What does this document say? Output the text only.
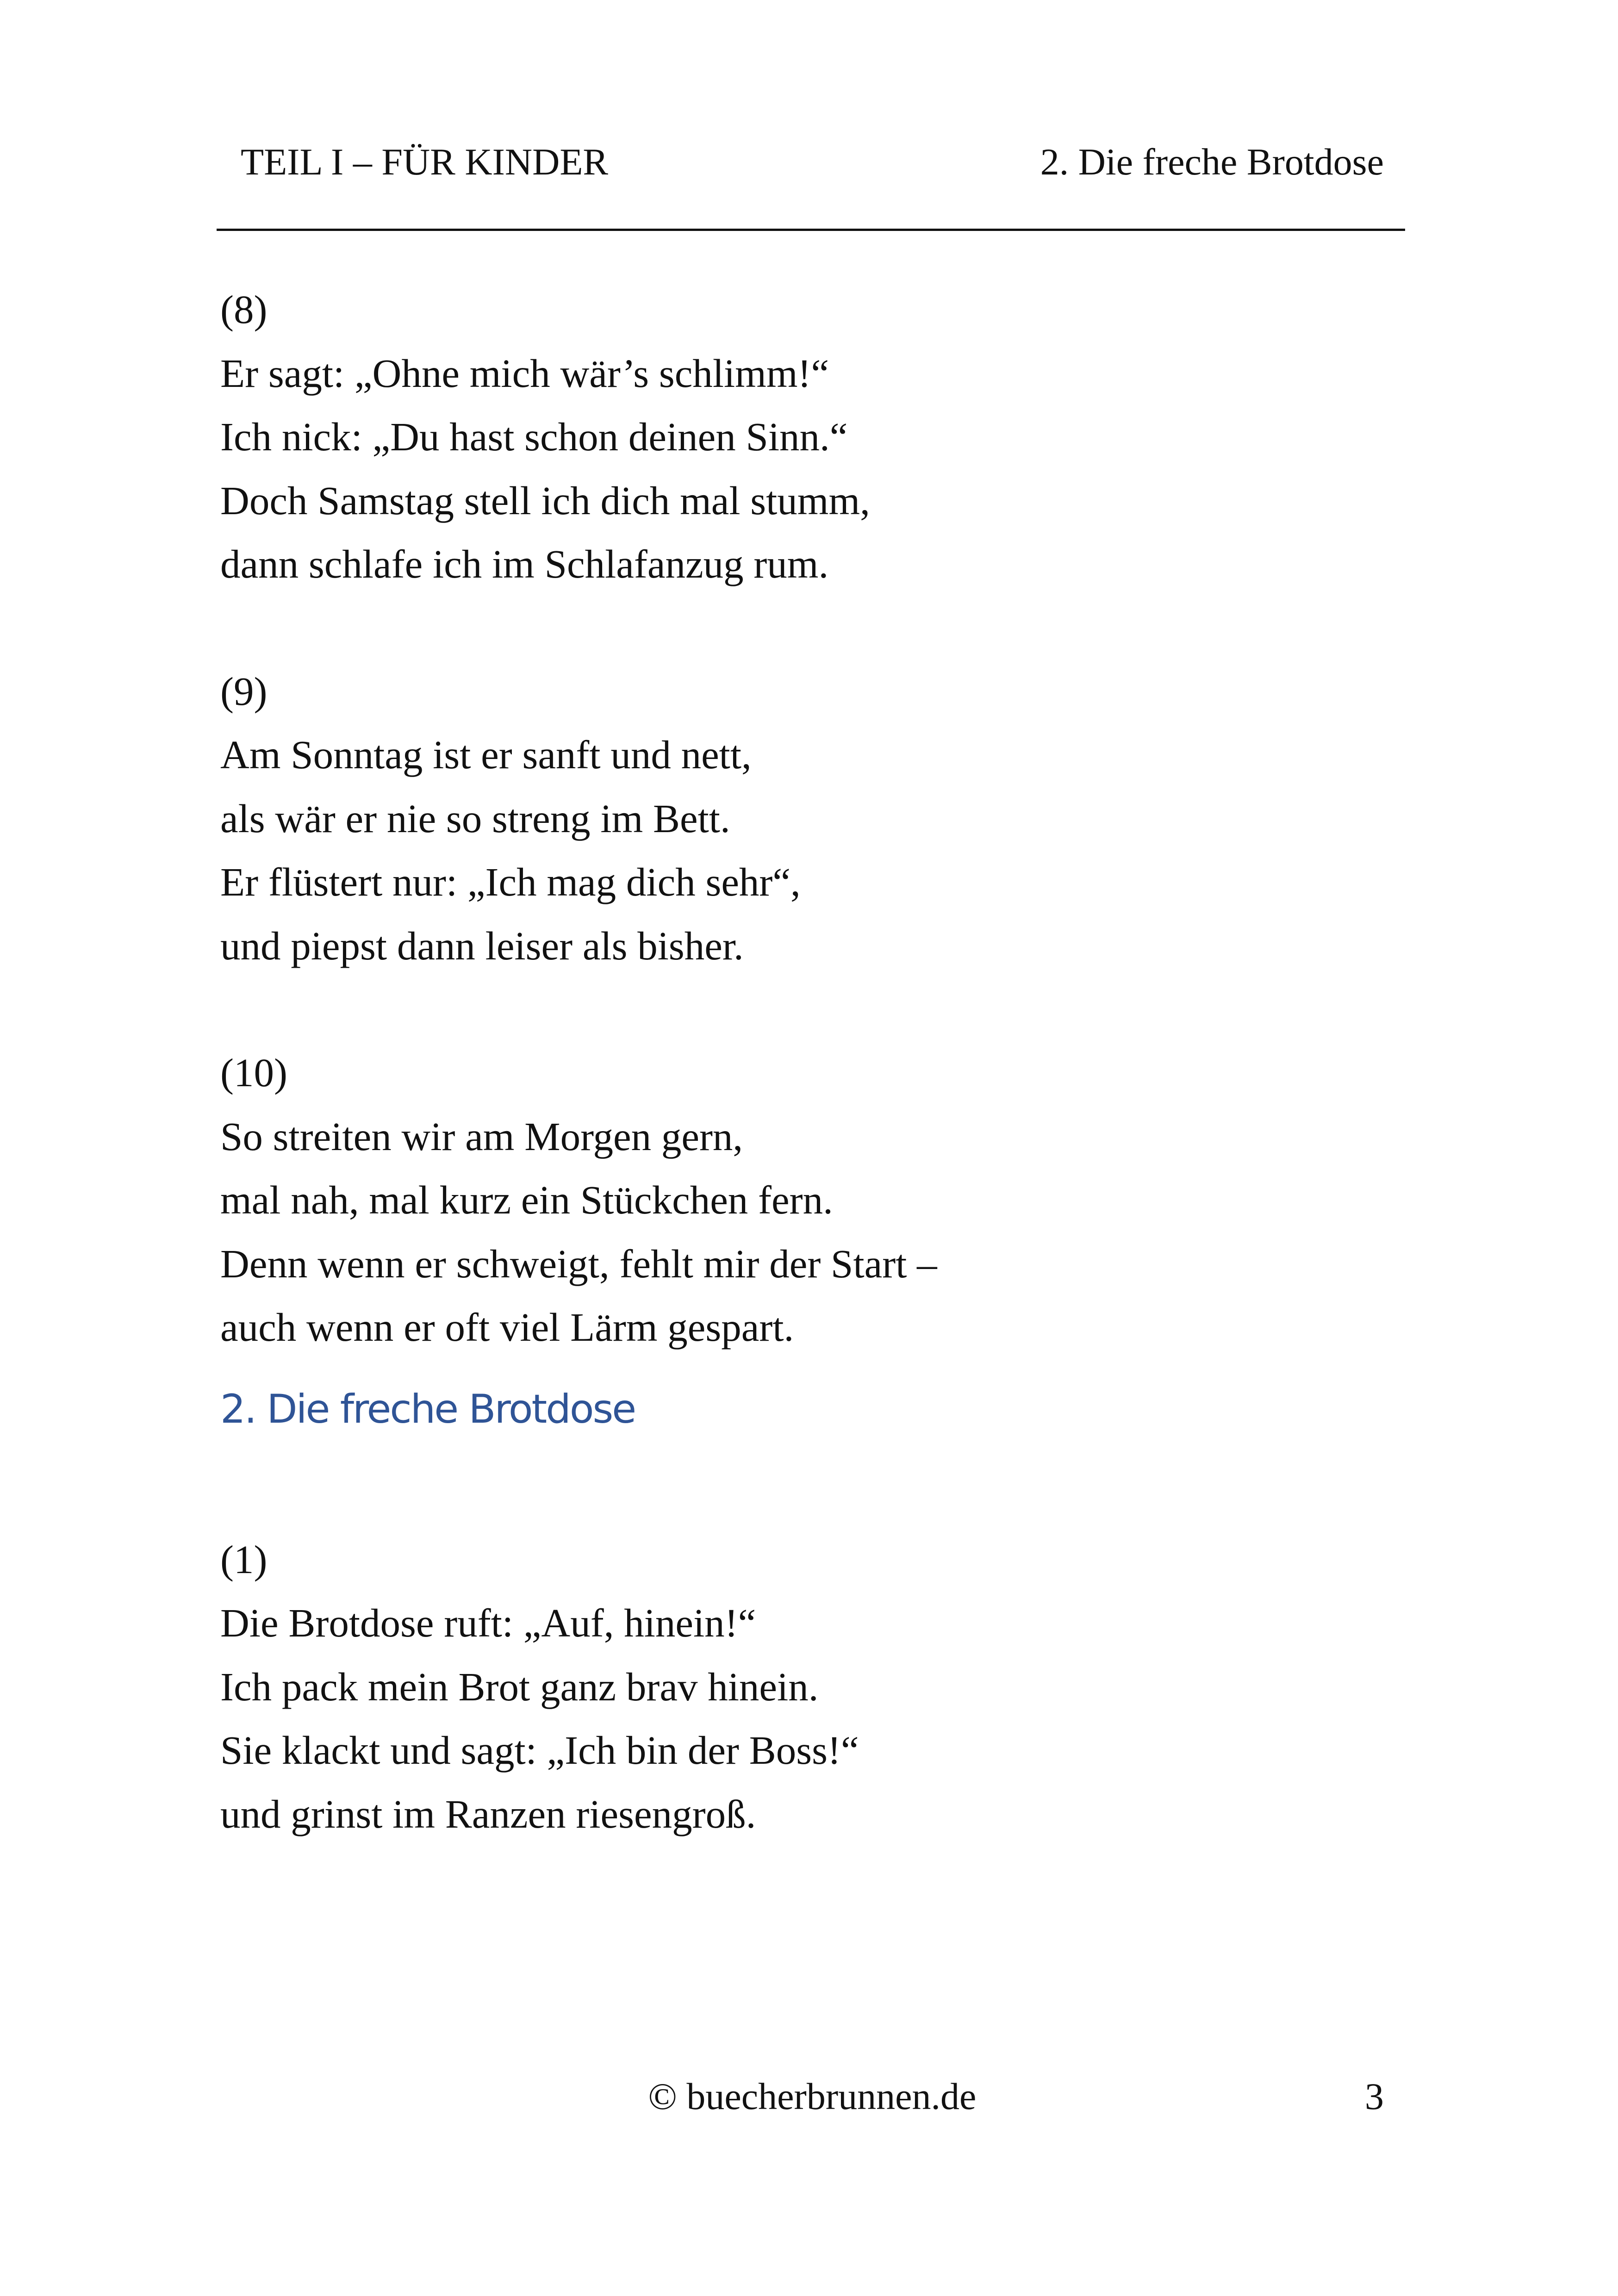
TEIL I – FÜR KINDER	2. Die freche Brotdose
(8)
Er sagt: „Ohne mich wär’s schlimm!“
Ich nick: „Du hast schon deinen Sinn.“
Doch Samstag stell ich dich mal stumm,
dann schlafe ich im Schlafanzug rum.
(9)
Am Sonntag ist er sanft und nett,
als wär er nie so streng im Bett.
Er flüstert nur: „Ich mag dich sehr“,
und piepst dann leiser als bisher.
(10)
So streiten wir am Morgen gern,
mal nah, mal kurz ein Stückchen fern.
Denn wenn er schweigt, fehlt mir der Start –
auch wenn er oft viel Lärm gespart.
2. Die freche Brotdose
(1)
Die Brotdose ruft: „Auf, hinein!“
Ich pack mein Brot ganz brav hinein.
Sie klackt und sagt: „Ich bin der Boss!“
und grinst im Ranzen riesengroß.
© buecherbrunnen.de	3
